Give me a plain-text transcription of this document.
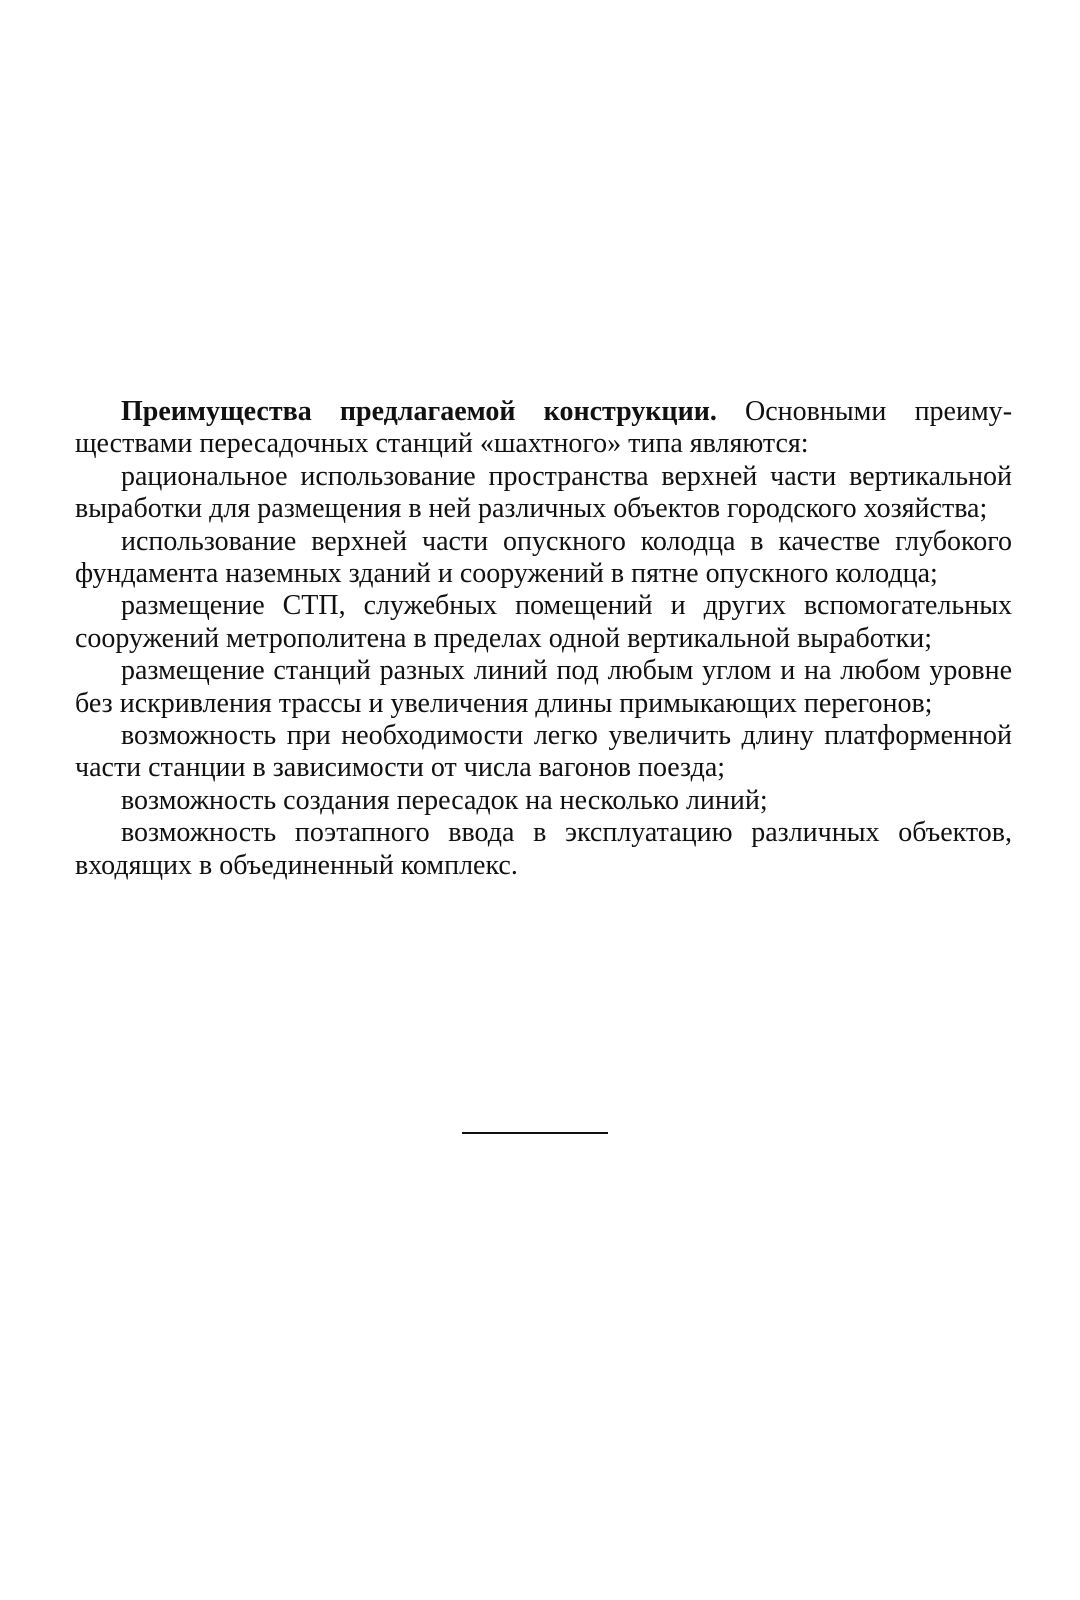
Преимущества предлагаемой конструкции. Основными преимуществами пересадочных станций «шахтного» типа являются:

рациональное использование пространства верхней части вертикальной выработки для размещения в ней различных объектов городского хозяйства;

использование верхней части опускного колодца в качестве глубокого фундамента наземных зданий и сооружений в пятне опускного колодца;

размещение СТП, служебных помещений и других вспомогательных сооружений метрополитена в пределах одной вертикальной выработки;

размещение станций разных линий под любым углом и на любом уровне без искривления трассы и увеличения длины примыкающих перегонов;

возможность при необходимости легко увеличить длину платформенной части станции в зависимости от числа вагонов поезда;

возможность создания пересадок на несколько линий;

возможность поэтапного ввода в эксплуатацию различных объектов, входящих в объединенный комплекс.
